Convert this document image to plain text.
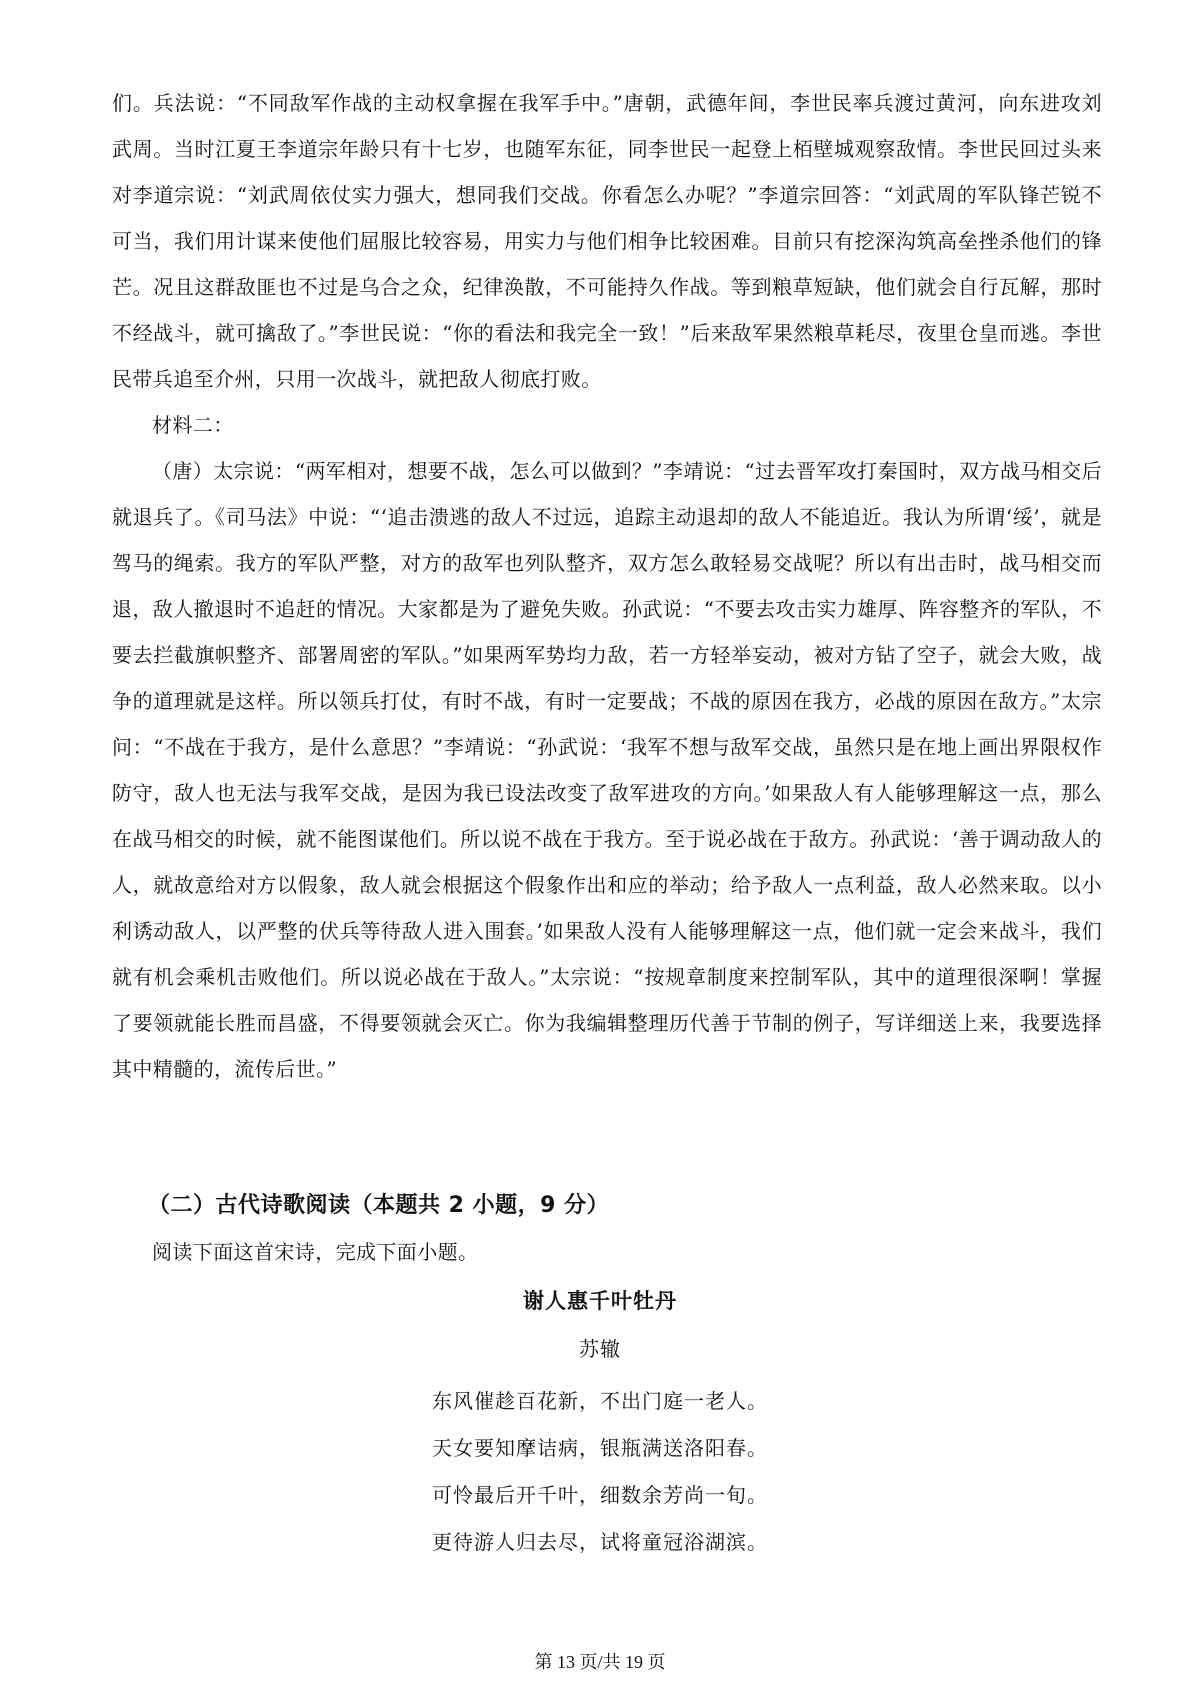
们。兵法说：“不同敌军作战的主动权拿握在我军手中。”唐朝，武德年间，李世民率兵渡过黄河，向东进攻刘武周。当时江夏王李道宗年龄只有十七岁，也随军东征，同李世民一起登上栢壁城观察敌情。李世民回过头来对李道宗说：“刘武周依仗实力强大，想同我们交战。你看怎么办呢？”李道宗回答：“刘武周的军队锋芒锐不可当，我们用计谋来使他们屈服比较容易，用实力与他们相争比较困难。目前只有挖深沟筑高垒挫杀他们的锋芒。况且这群敌匪也不过是乌合之众，纪律涣散，不可能持久作战。等到粮草短缺，他们就会自行瓦解，那时不经战斗，就可擒敌了。”李世民说：“你的看法和我完全一致！”后来敌军果然粮草耗尽，夜里仓皇而逃。李世民带兵追至介州，只用一次战斗，就把敌人彻底打败。

材料二：

（唐）太宗说：“两军相对，想要不战，怎么可以做到？”李靖说：“过去晋军攻打秦国时，双方战马相交后就退兵了。《司马法》中说：“‘追击溃逃的敌人不过远，追踪主动退却的敌人不能追近。我认为所谓‘绥’，就是驾马的绳索。我方的军队严整，对方的敌军也列队整齐，双方怎么敢轻易交战呢？所以有出击时，战马相交而退，敌人撤退时不追赶的情况。大家都是为了避免失败。孙武说：“不要去攻击实力雄厚、阵容整齐的军队，不要去拦截旗帜整齐、部署周密的军队。”如果两军势均力敌，若一方轻举妄动，被对方钻了空子，就会大败，战争的道理就是这样。所以领兵打仗，有时不战，有时一定要战；不战的原因在我方，必战的原因在敌方。”太宗问：“不战在于我方，是什么意思？”李靖说：“孙武说：‘我军不想与敌军交战，虽然只是在地上画出界限权作防守，敌人也无法与我军交战，是因为我已设法改变了敌军进攻的方向。’如果敌人有人能够理解这一点，那么在战马相交的时候，就不能图谋他们。所以说不战在于我方。至于说必战在于敌方。孙武说：‘善于调动敌人的人，就故意给对方以假象，敌人就会根据这个假象作出和应的举动；给予敌人一点利益，敌人必然来取。以小利诱动敌人，以严整的伏兵等待敌人进入围套。’如果敌人没有人能够理解这一点，他们就一定会来战斗，我们就有机会乘机击败他们。所以说必战在于敌人。”太宗说：“按规章制度来控制军队，其中的道理很深啊！掌握了要领就能长胜而昌盛，不得要领就会灭亡。你为我编辑整理历代善于节制的例子，写详细送上来，我要选择其中精髓的，流传后世。”

（二）古代诗歌阅读（本题共 2 小题，9 分）

阅读下面这首宋诗，完成下面小题。

谢人惠千叶牡丹

苏辙

东风催趁百花新，不出门庭一老人。
天女要知摩诘病，银瓶满送洛阳春。
可怜最后开千叶，细数余芳尚一旬。
更待游人归去尽，试将童冠浴湖滨。
第 13 页/共 19 页
